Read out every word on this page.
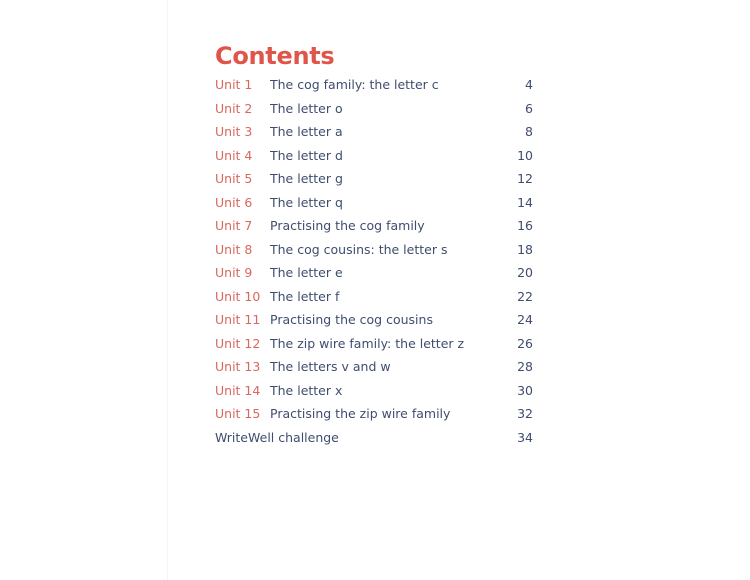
Contents
Unit 1	The cog family: the letter c	4
Unit 2	The letter o	6
Unit 3	The letter a	8
Unit 4	The letter d	10
Unit 5	The letter g	12
Unit 6	The letter q	14
Unit 7	Practising the cog family	16
Unit 8	The cog cousins: the letter s	18
Unit 9	The letter e	20
Unit 10 The letter f	22
Unit 11 Practising the cog cousins	24
Unit 12 The zip wire family: the letter z	26
Unit 13 The letters v and w	28
Unit 14 The letter x	30
Unit 15 Practising the zip wire family	32
WriteWell challenge	34
